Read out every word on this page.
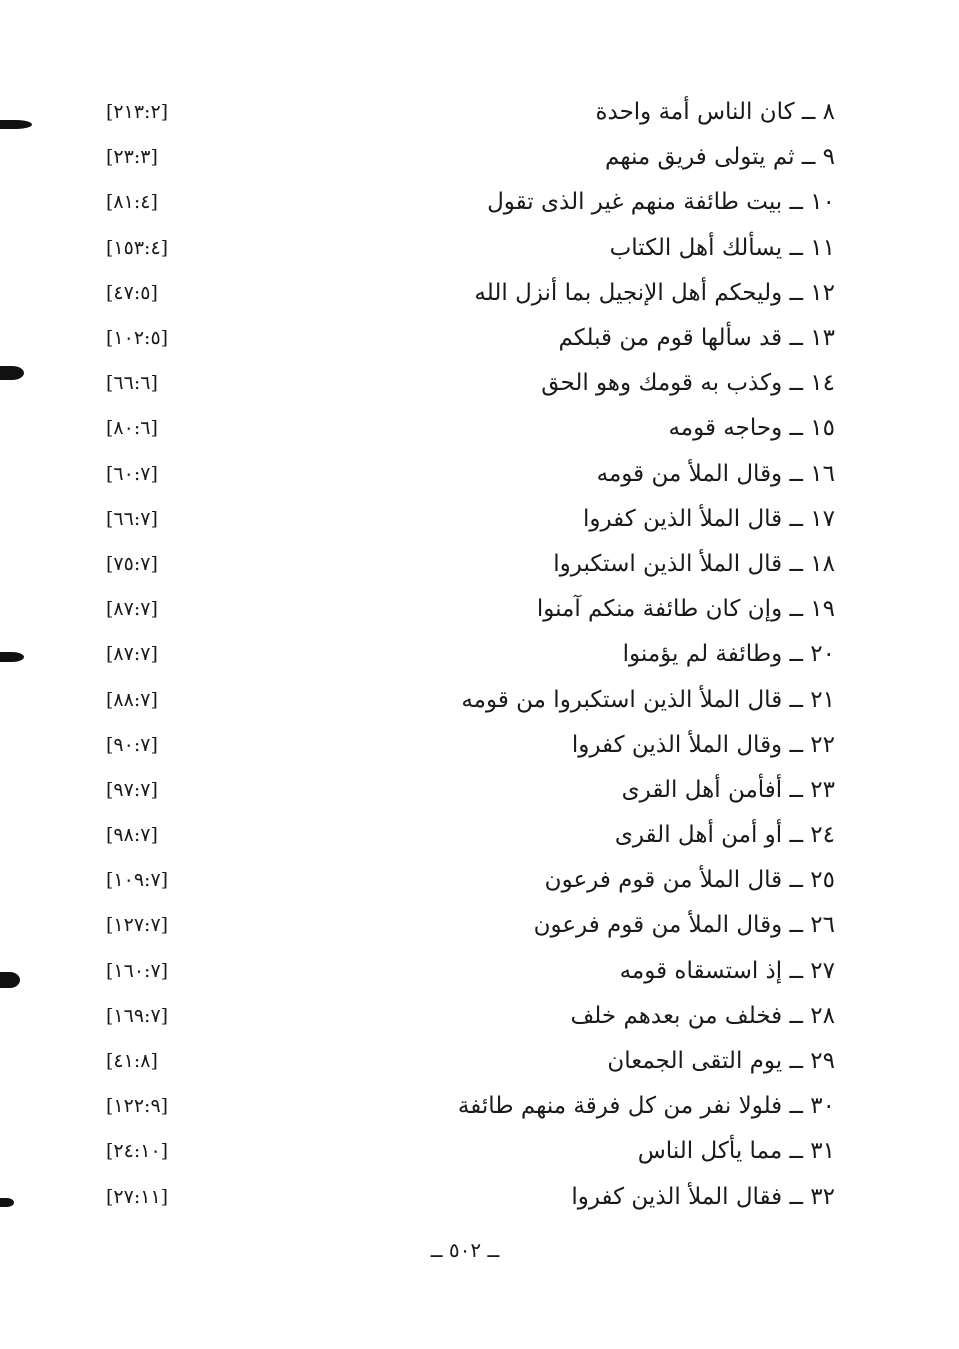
[٢١٣:٢]	٨ ــ كان الناس أمة واحدة
[٢٣:٣]	٩ ــ ثم يتولى فريق منهم
[٨١:٤]	١٠ ــ بيت طائفة منهم غير الذى تقول
[١٥٣:٤]	١١ ــ يسألك أهل الكتاب
[٤٧:٥]	١٢ ــ وليحكم أهل الإنجيل بما أنزل الله
[١٠٢:٥]	١٣ ــ قد سألها قوم من قبلكم
[٦٦:٦]	١٤ ــ وكذب به قومك وهو الحق
[٨٠:٦]	١٥ ــ وحاجه قومه
[٦٠:٧]	١٦ ــ وقال الملأ من قومه
[٦٦:٧]	١٧ ــ قال الملأ الذين كفروا
[٧٥:٧]	١٨ ــ قال الملأ الذين استكبروا
[٨٧:٧]	١٩ ــ وإن كان طائفة منكم آمنوا
[٨٧:٧]	٢٠ ــ وطائفة لم يؤمنوا
[٨٨:٧]	٢١ ــ قال الملأ الذين استكبروا من قومه
[٩٠:٧]	٢٢ ــ وقال الملأ الذين كفروا
[٩٧:٧]	٢٣ ــ أفأمن أهل القرى
[٩٨:٧]	٢٤ ــ أو أمن أهل القرى
[١٠٩:٧]	٢٥ ــ قال الملأ من قوم فرعون
[١٢٧:٧]	٢٦ ــ وقال الملأ من قوم فرعون
[١٦٠:٧]	٢٧ ــ إذ استسقاه قومه
[١٦٩:٧]	٢٨ ــ فخلف من بعدهم خلف
[٤١:٨]	٢٩ ــ يوم التقى الجمعان
[١٢٢:٩]	٣٠ ــ فلولا نفر من كل فرقة منهم طائفة
[٢٤:١٠]	٣١ ــ مما يأكل الناس
[٢٧:١١]	٣٢ ــ فقال الملأ الذين كفروا
ــ ٥٠٢ ــ
